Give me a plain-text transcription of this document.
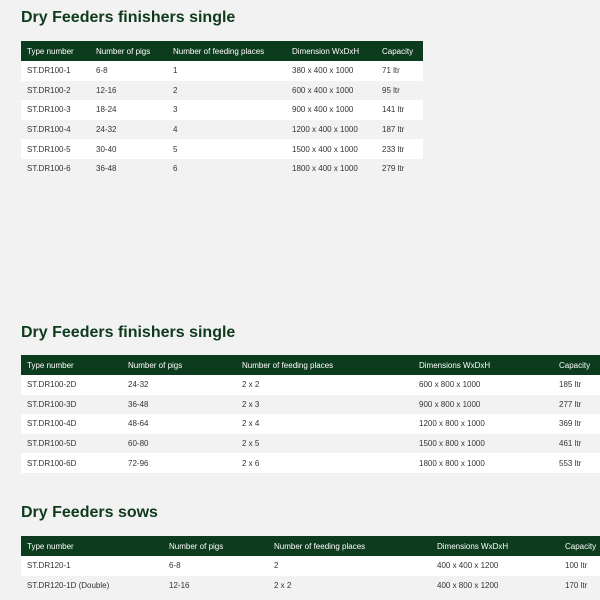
Dry Feeders finishers single
Type number	Number of pigs	Number of feeding places	Dimension WxDxH	Capacity
ST.DR100-1	6-8	1	380 x 400 x 1000	71 ltr
ST.DR100-2	12-16	2	600 x 400 x 1000	95 ltr
ST.DR100-3	18-24	3	900 x 400 x 1000	141 ltr
ST.DR100-4	24-32	4	1200 x 400 x 1000	187 ltr
ST.DR100-5	30-40	5	1500 x 400 x 1000	233 ltr
ST.DR100-6	36-48	6	1800 x 400 x 1000	279 ltr
Dry Feeders finishers single
Type number	Number of pigs	Number of feeding places	Dimensions WxDxH	Capacity
ST.DR100-2D	24-32	2 x 2	600 x 800 x 1000	185 ltr
ST.DR100-3D	36-48	2 x 3	900 x 800 x 1000	277 ltr
ST.DR100-4D	48-64	2 x 4	1200 x 800 x 1000	369 ltr
ST.DR100-5D	60-80	2 x 5	1500 x 800 x 1000	461 ltr
ST.DR100-6D	72-96	2 x 6	1800 x 800 x 1000	553 ltr
Dry Feeders sows
Type number	Number of pigs	Number of feeding places	Dimensions WxDxH	Capacity
ST.DR120-1	6-8	2	400 x 400 x 1200	100 ltr
ST.DR120-1D (Double)	12-16	2 x 2	400 x 800 x 1200	170 ltr
